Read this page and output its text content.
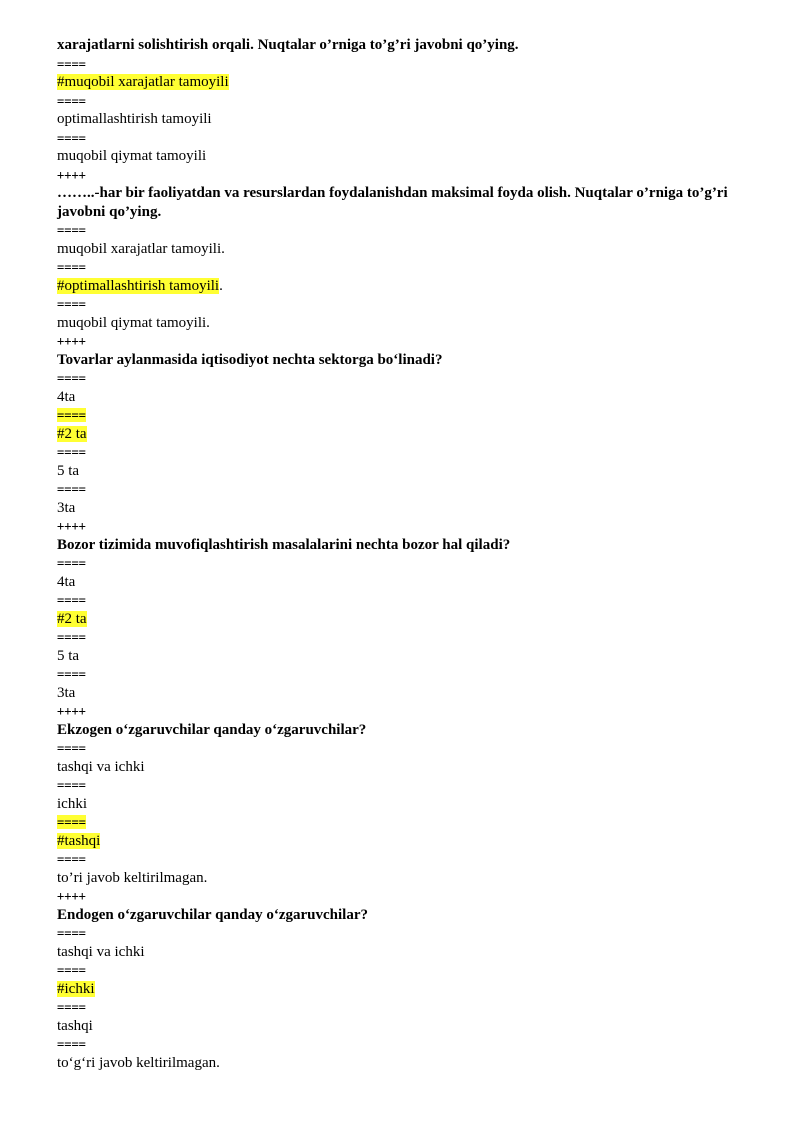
xarajatlarni solishtirish orqali. Nuqtalar o’rniga to’g’ri javobni qo’ying.
====
#muqobil xarajatlar tamoyili
====
optimallashtirish tamoyili
====
muqobil qiymat tamoyili
++++
……..-har bir faoliyatdan va resurslardan foydalanishdan maksimal foyda olish. Nuqtalar o’rniga to’g’ri javobni qo’ying.
====
muqobil xarajatlar tamoyili.
====
#optimallashtirish tamoyili.
====
muqobil qiymat tamoyili.
++++
Tovarlar aylanmasida iqtisodiyot nechta sektorga bo‘linadi?
====
4ta
====
#2 ta
====
5 ta
====
3ta
++++
Bozor tizimida muvofiqlashtirish masalalarini nechta bozor hal qiladi?
====
4ta
====
#2 ta
====
5 ta
====
3ta
++++
Ekzogen o‘zgaruvchilar qanday o‘zgaruvchilar?
====
tashqi va ichki
====
ichki
====
#tashqi
====
to’ri javob keltirilmagan.
++++
Endogen o‘zgaruvchilar qanday o‘zgaruvchilar?
====
tashqi va ichki
====
#ichki
====
tashqi
====
to‘g‘ri javob keltirilmagan.
